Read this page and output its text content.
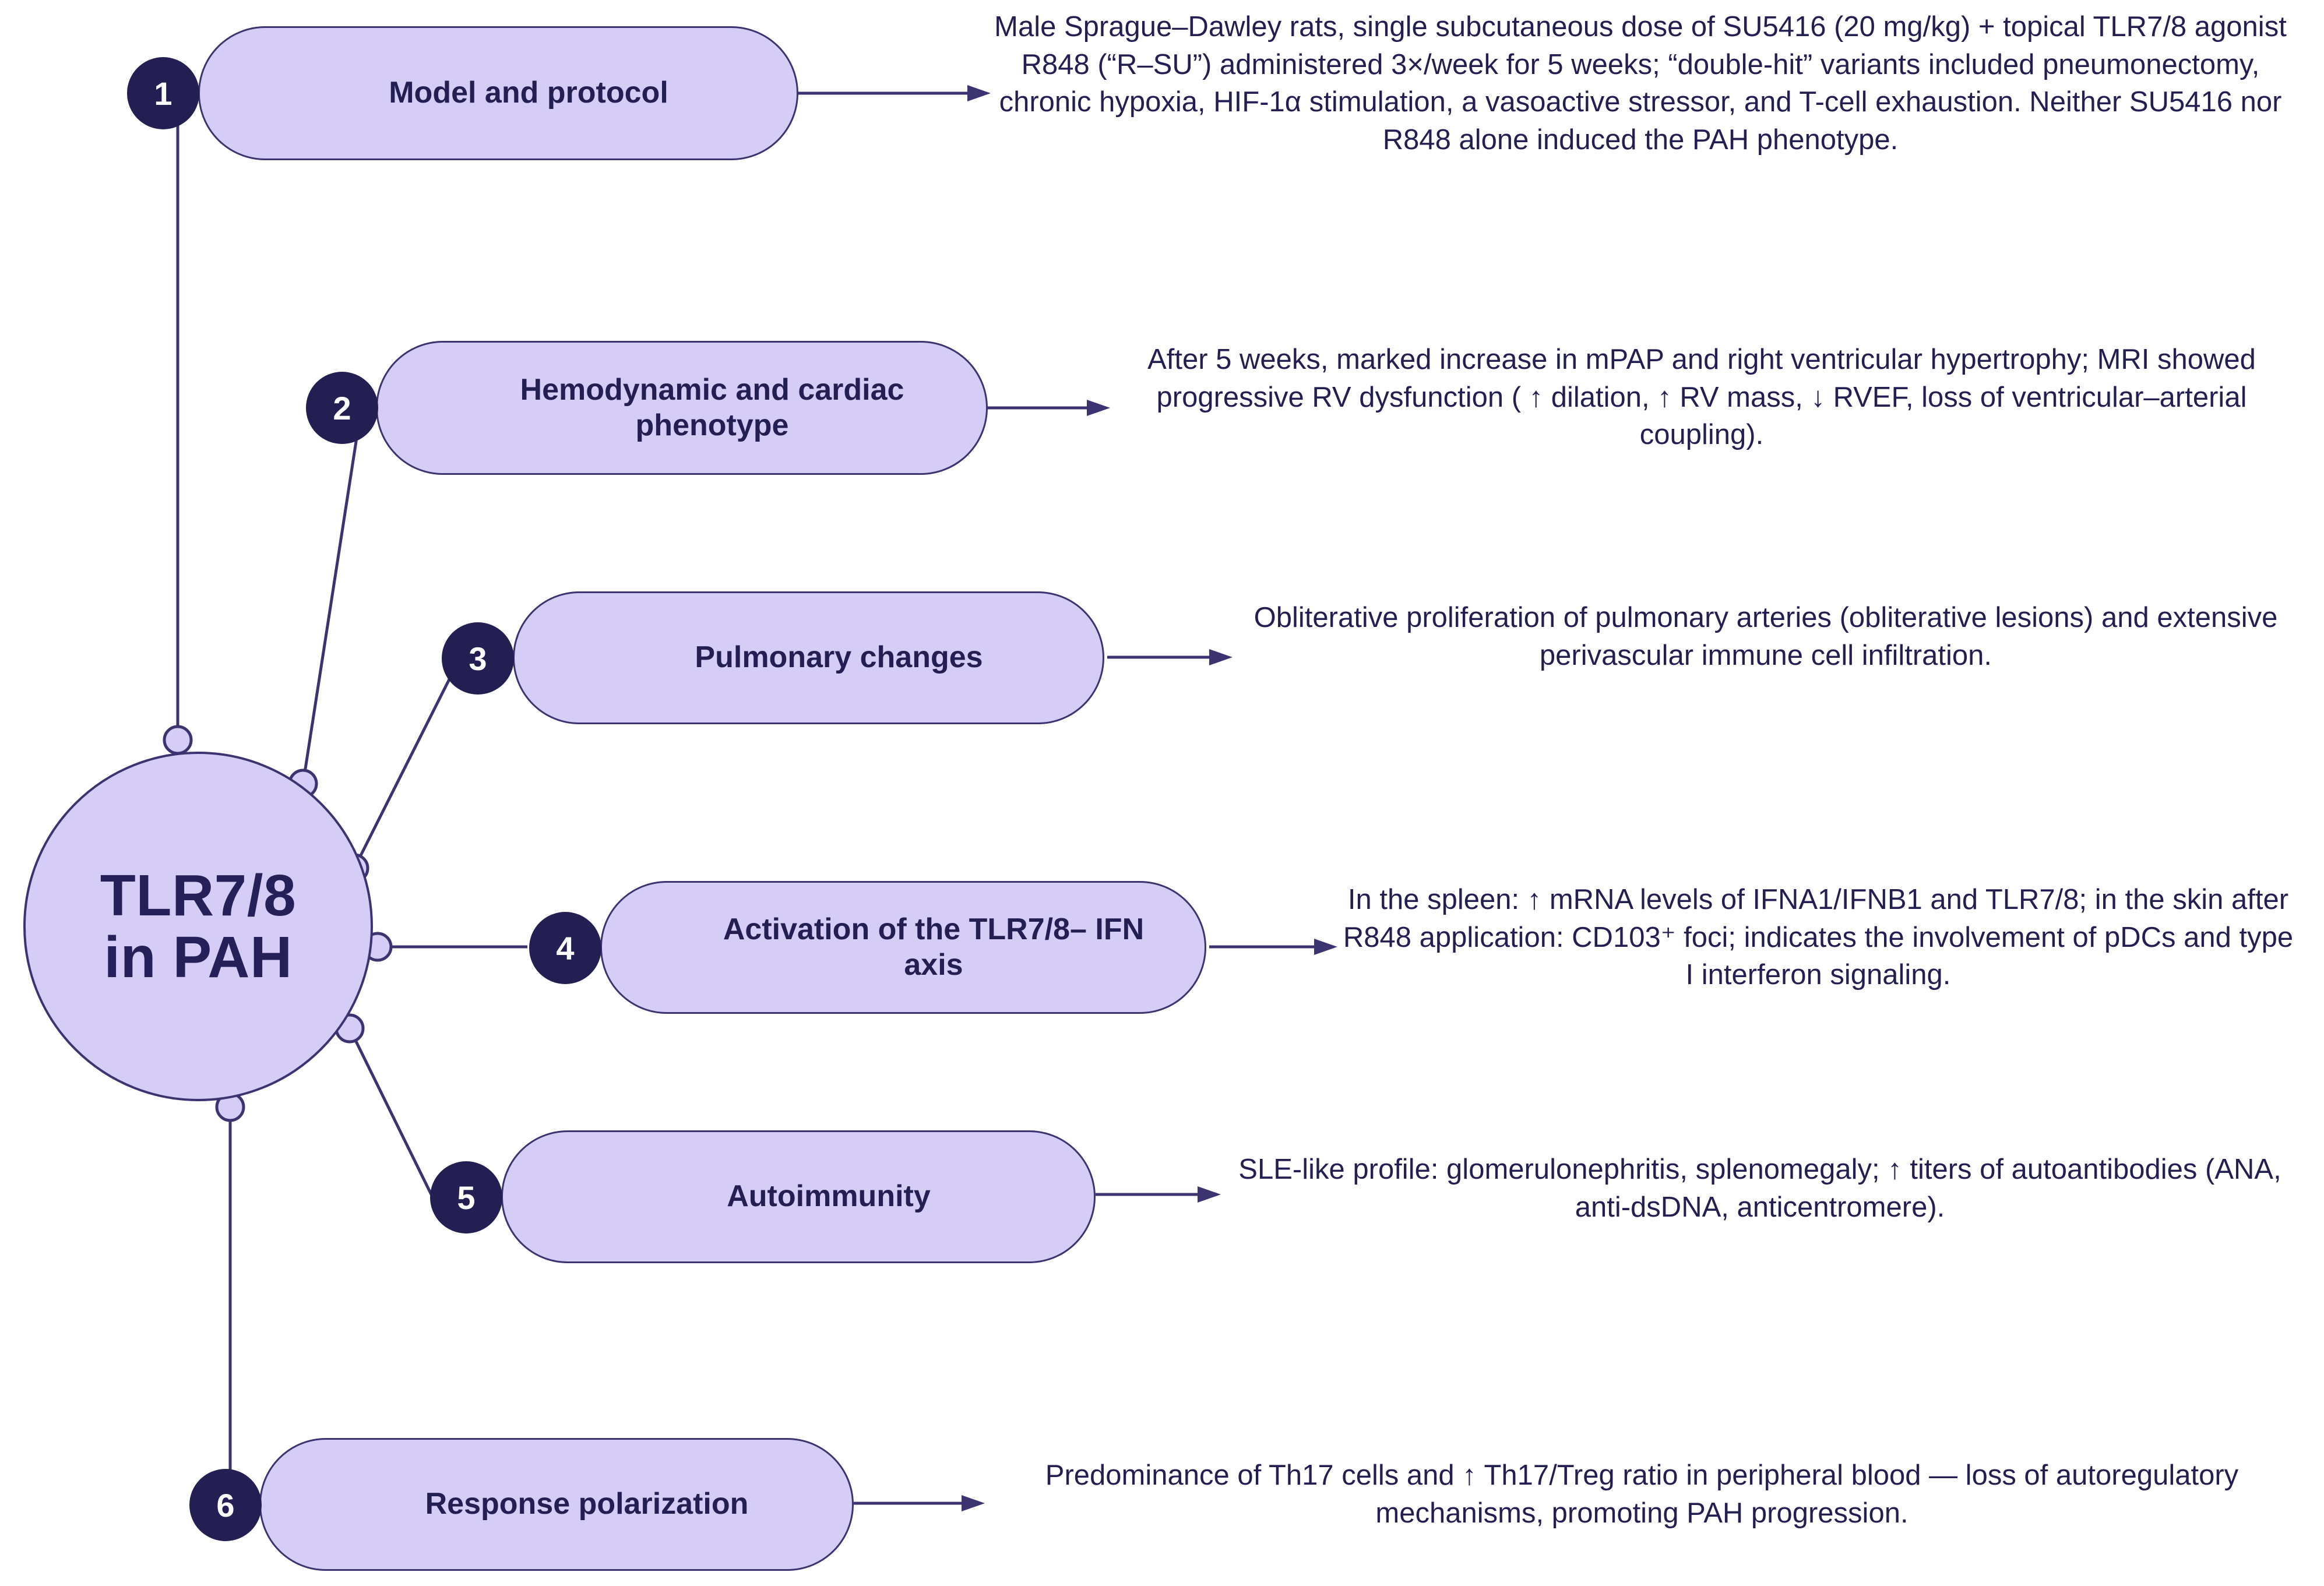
TLR7/8
in PAH
Model and protocol
1
Male Sprague–Dawley rats, single subcutaneous dose of SU5416 (20 mg/kg) + topical TLR7/8 agonist R848 (“R–SU”) administered 3×/week for 5 weeks; “double-hit” variants included pneumonectomy, chronic hypoxia, HIF-1α stimulation, a vasoactive stressor, and T-cell exhaustion. Neither SU5416 nor R848 alone induced the PAH phenotype.
Hemodynamic and cardiac phenotype
2
After 5 weeks, marked increase in mPAP and right ventricular hypertrophy; MRI showed progressive RV dysfunction ( ↑ dilation, ↑ RV mass, ↓ RVEF, loss of ventricular–arterial coupling).
Pulmonary changes
3
Obliterative proliferation of pulmonary arteries (obliterative lesions) and extensive perivascular immune cell infiltration.
Activation of the TLR7/8– IFN axis
4
In the spleen: ↑ mRNA levels of IFNA1/IFNB1 and TLR7/8; in the skin after R848 application: CD103⁺ foci; indicates the involvement of pDCs and type I interferon signaling.
Autoimmunity
5
SLE-like profile: glomerulonephritis, splenomegaly; ↑ titers of autoantibodies (ANA, anti-dsDNA, anticentromere).
Response polarization
6
Predominance of Th17 cells and ↑ Th17/Treg ratio in peripheral blood — loss of autoregulatory mechanisms, promoting PAH progression.
